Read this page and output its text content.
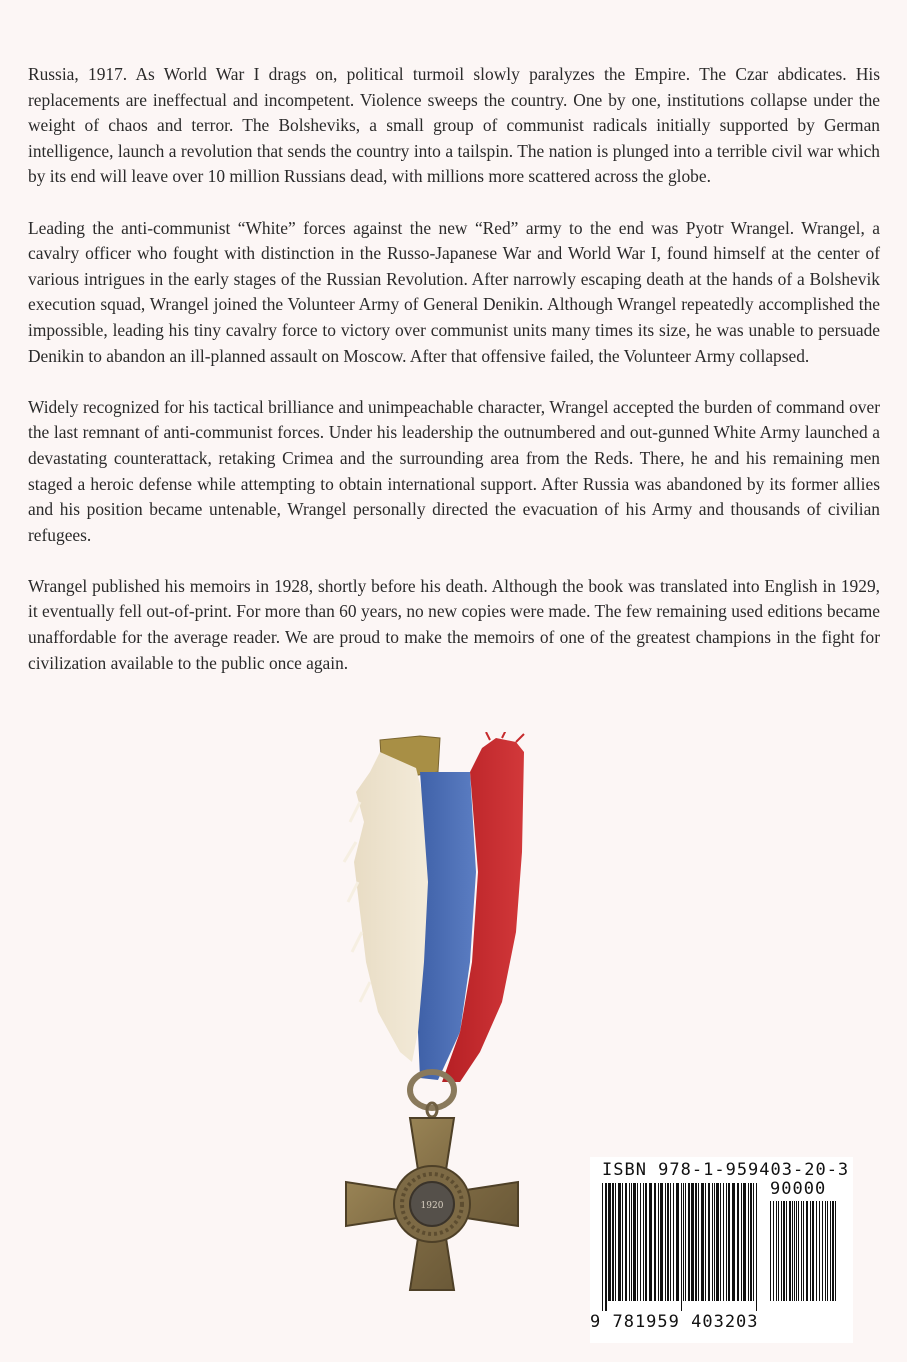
Russia, 1917. As World War I drags on, political turmoil slowly paralyzes the Empire. The Czar abdicates. His replacements are ineffectual and incompetent. Violence sweeps the country. One by one, institutions collapse under the weight of chaos and terror. The Bolsheviks, a small group of communist radicals initially supported by German intelligence, launch a revolution that sends the country into a tailspin. The nation is plunged into a terrible civil war which by its end will leave over 10 million Russians dead, with millions more scattered across the globe.

Leading the anti-communist “White” forces against the new “Red” army to the end was Pyotr Wrangel. Wrangel, a cavalry officer who fought with distinction in the Russo-Japanese War and World War I, found himself at the center of various intrigues in the early stages of the Russian Revolution. After narrowly escaping death at the hands of a Bolshevik execution squad, Wrangel joined the Volunteer Army of General Denikin. Although Wrangel repeatedly accomplished the impossible, leading his tiny cavalry force to victory over communist units many times its size, he was unable to persuade Denikin to abandon an ill-planned assault on Moscow. After that offensive failed, the Volunteer Army collapsed.

Widely recognized for his tactical brilliance and unimpeachable character, Wrangel accepted the burden of command over the last remnant of anti-communist forces. Under his leadership the outnumbered and out-gunned White Army launched a devastating counterattack, retaking Crimea and the surrounding area from the Reds. There, he and his remaining men staged a heroic defense while attempting to obtain international support. After Russia was abandoned by its former allies and his position became untenable, Wrangel personally directed the evacuation of his Army and thousands of civilian refugees.

Wrangel published his memoirs in 1928, shortly before his death. Although the book was translated into English in 1929, it eventually fell out-of-print. For more than 60 years, no new copies were made. The few remaining used editions became unaffordable for the average reader. We are proud to make the memoirs of one of the greatest champions in the fight for civilization available to the public once again.

1920
ISBN 978-1-959403-20-3
90000
9 781959 403203
